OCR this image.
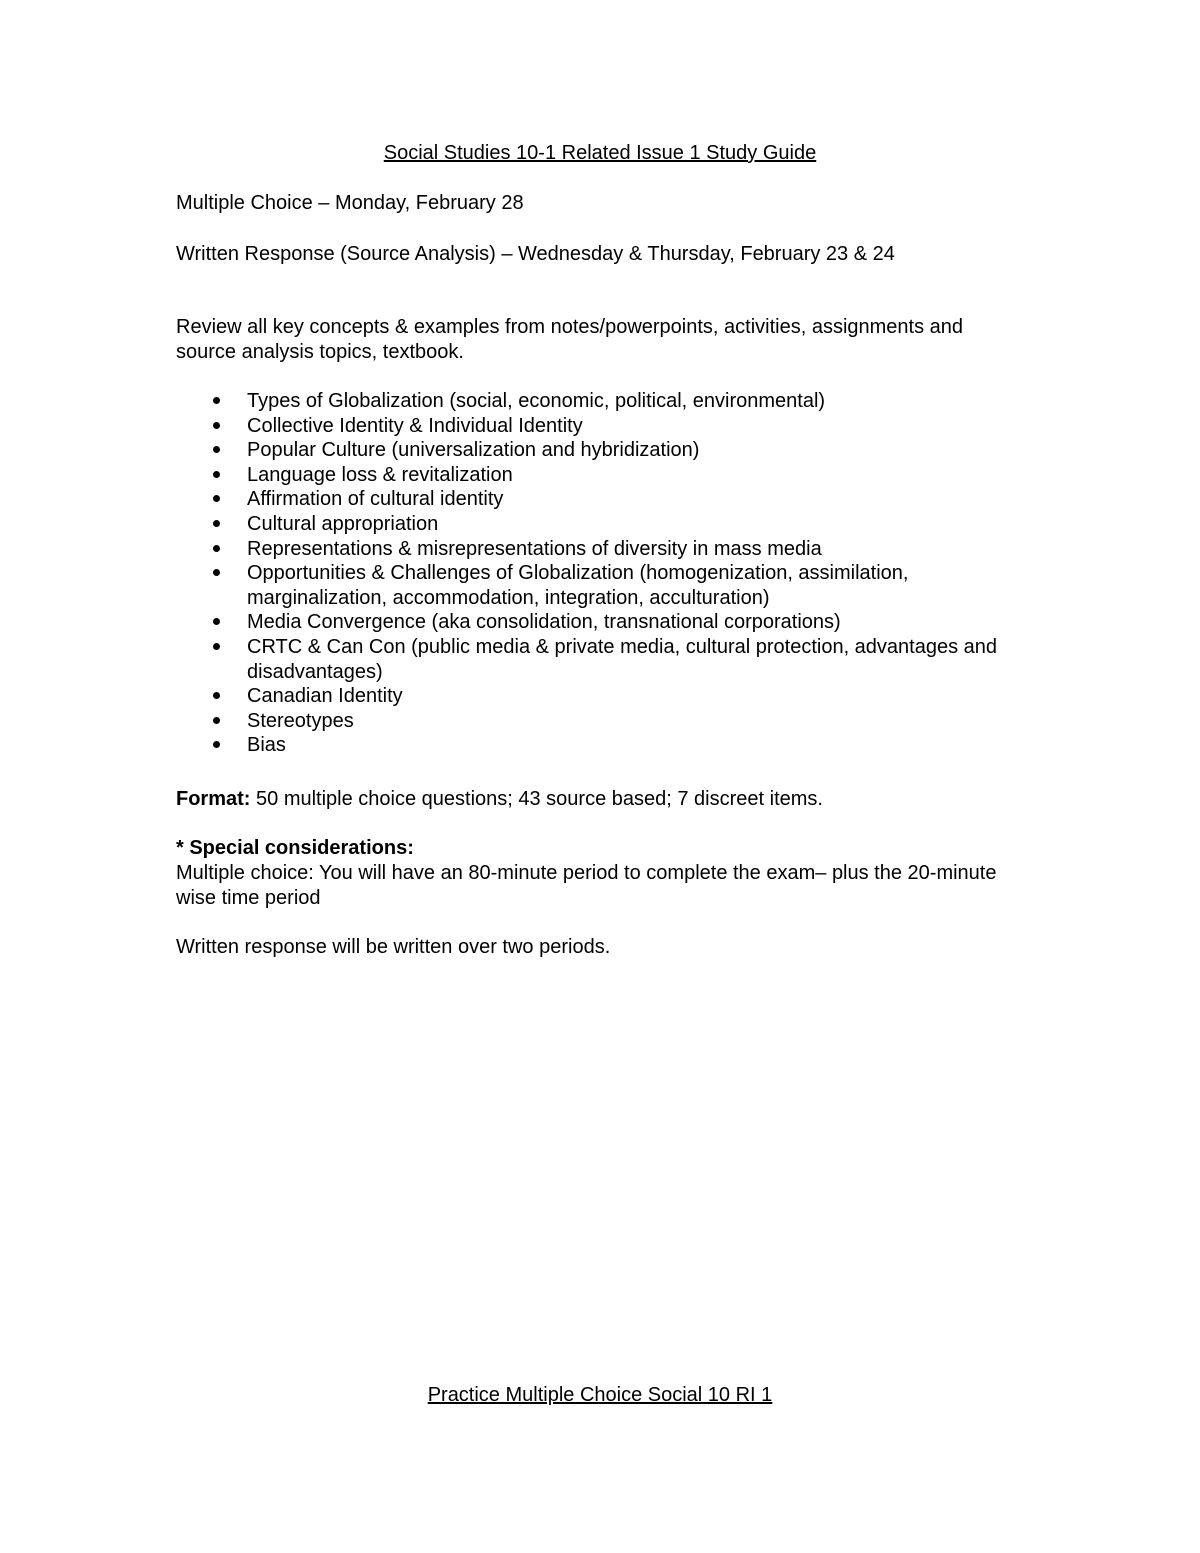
Social Studies 10-1 Related Issue 1 Study Guide

Multiple Choice – Monday, February 28

Written Response (Source Analysis) – Wednesday & Thursday, February 23 & 24

Review all key concepts & examples from notes/powerpoints, activities, assignments and source analysis topics, textbook.

Types of Globalization (social, economic, political, environmental)
Collective Identity & Individual Identity
Popular Culture (universalization and hybridization)
Language loss & revitalization
Affirmation of cultural identity
Cultural appropriation
Representations & misrepresentations of diversity in mass media
Opportunities & Challenges of Globalization (homogenization, assimilation, marginalization, accommodation, integration, acculturation)
Media Convergence (aka consolidation, transnational corporations)
CRTC & Can Con (public media & private media, cultural protection, advantages and disadvantages)
Canadian Identity
Stereotypes
Bias

Format: 50 multiple choice questions; 43 source based; 7 discreet items.

* Special considerations:

Multiple choice: You will have an 80-minute period to complete the exam– plus the 20-minute wise time period

Written response will be written over two periods.

Practice Multiple Choice Social 10 RI 1
